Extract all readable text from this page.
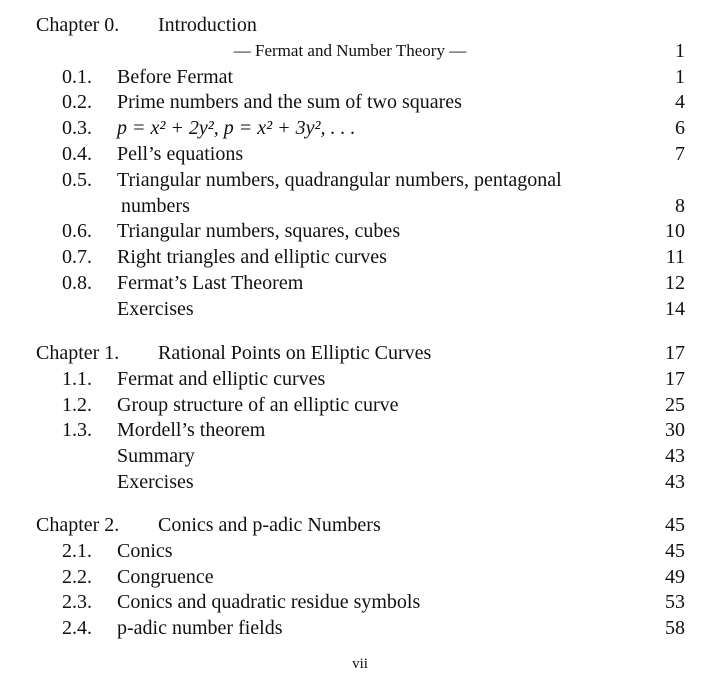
Chapter 0. Introduction
— Fermat and Number Theory —	1
0.1. Before Fermat	1
0.2. Prime numbers and the sum of two squares	4
0.3. p = x² + 2y², p = x² + 3y², . . .	6
0.4. Pell’s equations	7
0.5. Triangular numbers, quadrangular numbers, pentagonal
numbers	8
0.6. Triangular numbers, squares, cubes	10
0.7. Right triangles and elliptic curves	11
0.8. Fermat’s Last Theorem	12
Exercises	14
Chapter 1. Rational Points on Elliptic Curves	17
1.1. Fermat and elliptic curves	17
1.2. Group structure of an elliptic curve	25
1.3. Mordell’s theorem	30
Summary	43
Exercises	43
Chapter 2. Conics and p-adic Numbers	45
2.1. Conics	45
2.2. Congruence	49
2.3. Conics and quadratic residue symbols	53
2.4. p-adic number fields	58
vii
